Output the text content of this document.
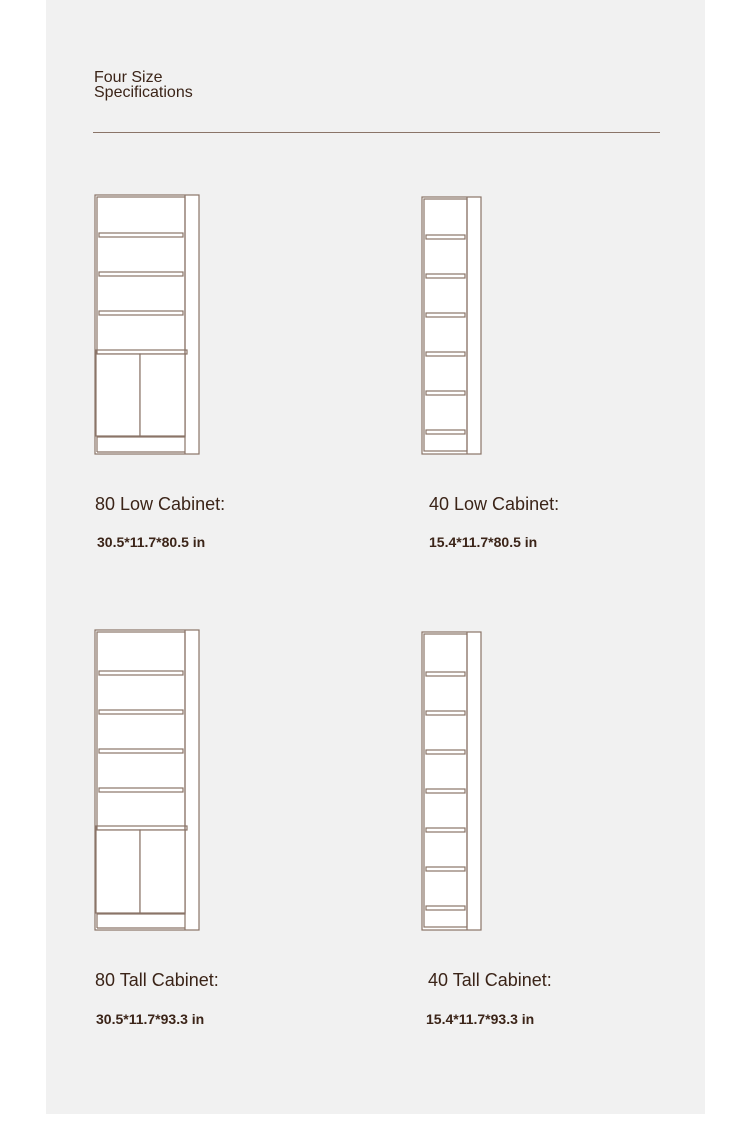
Four Size
Specifications
80 Low Cabinet:
30.5*11.7*80.5 in
40 Low Cabinet:
15.4*11.7*80.5 in
80 Tall Cabinet:
30.5*11.7*93.3 in
40 Tall Cabinet:
15.4*11.7*93.3 in
